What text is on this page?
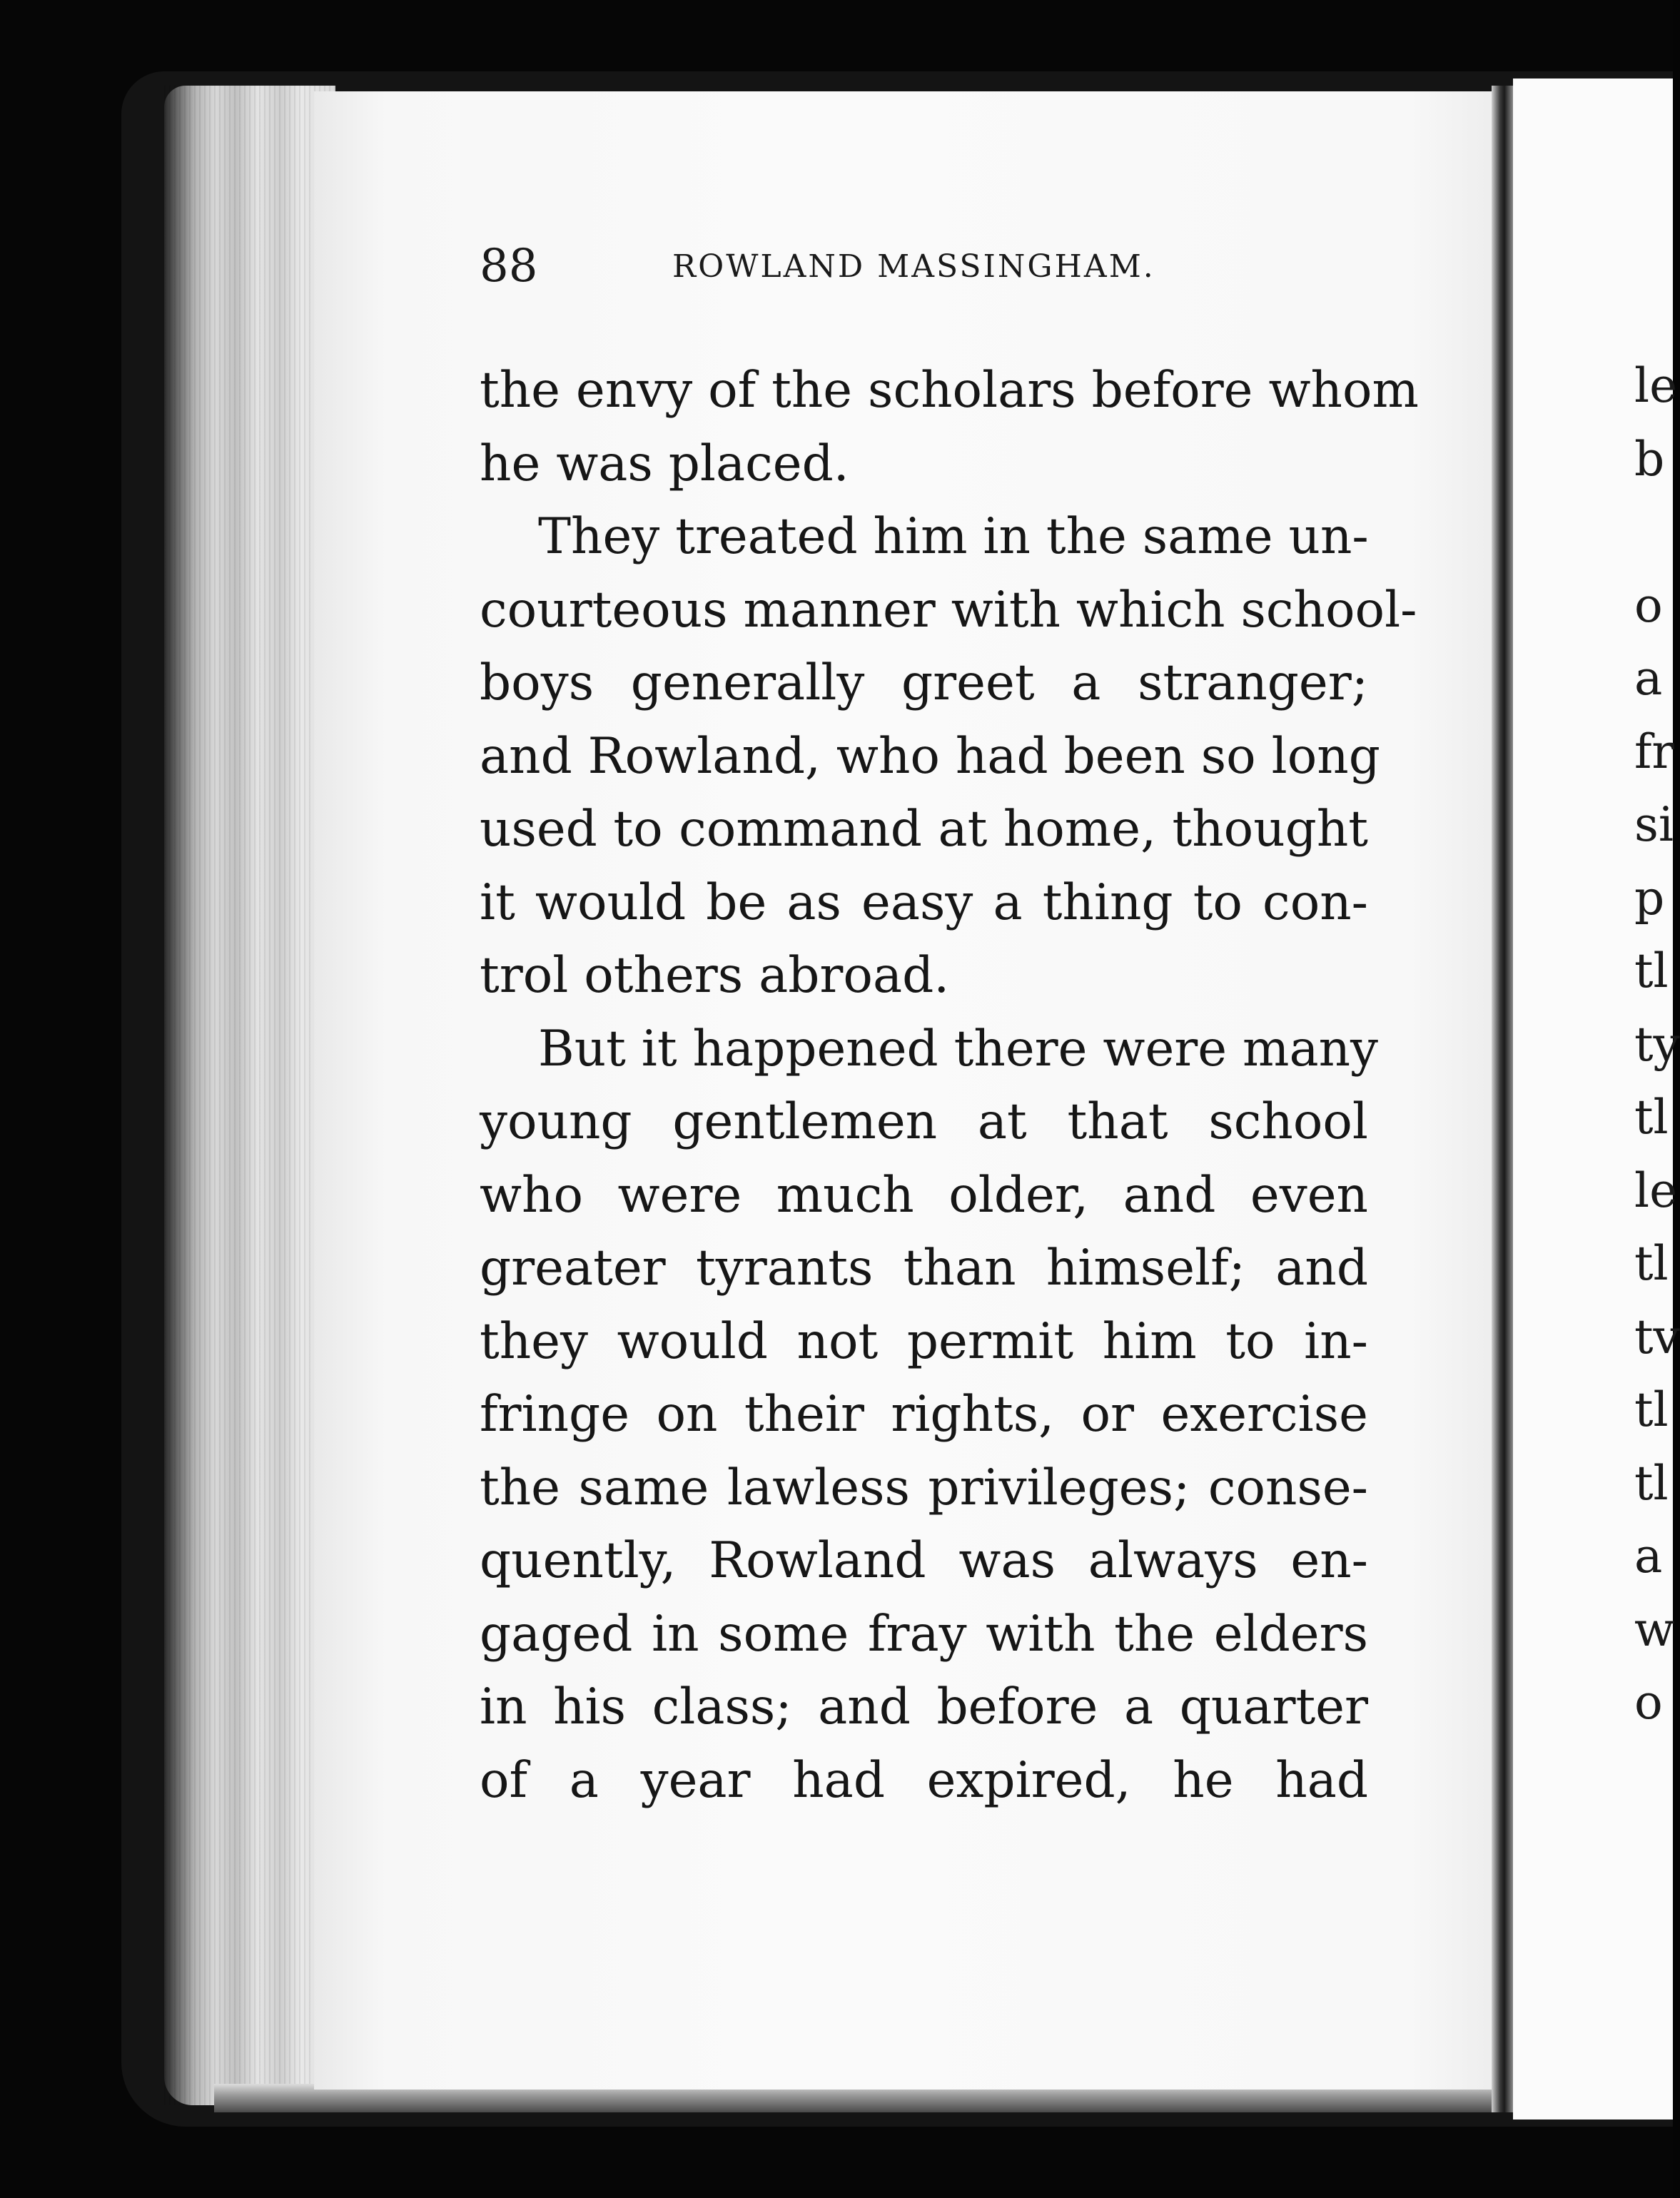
88	ROWLAND MASSINGHAM.
the envy of the scholars before whom
he was placed.
They treated him in the same un-
courteous manner with which school-
boys generally greet a stranger;
and Rowland, who had been so long
used to command at home, thought
it would be as easy a thing to con-
trol others abroad.
But it happened there were many
young gentlemen at that school
who were much older, and even
greater tyrants than himself; and
they would not permit him to in-
fringe on their rights, or exercise
the same lawless privileges; conse-
quently, Rowland was always en-
gaged in some fray with the elders
in his class; and before a quarter
of a year had expired, he had
le
b
o
a
fr
si
p
tl
ty
tl
le
tl
tv
tl
tl
a
w
o
